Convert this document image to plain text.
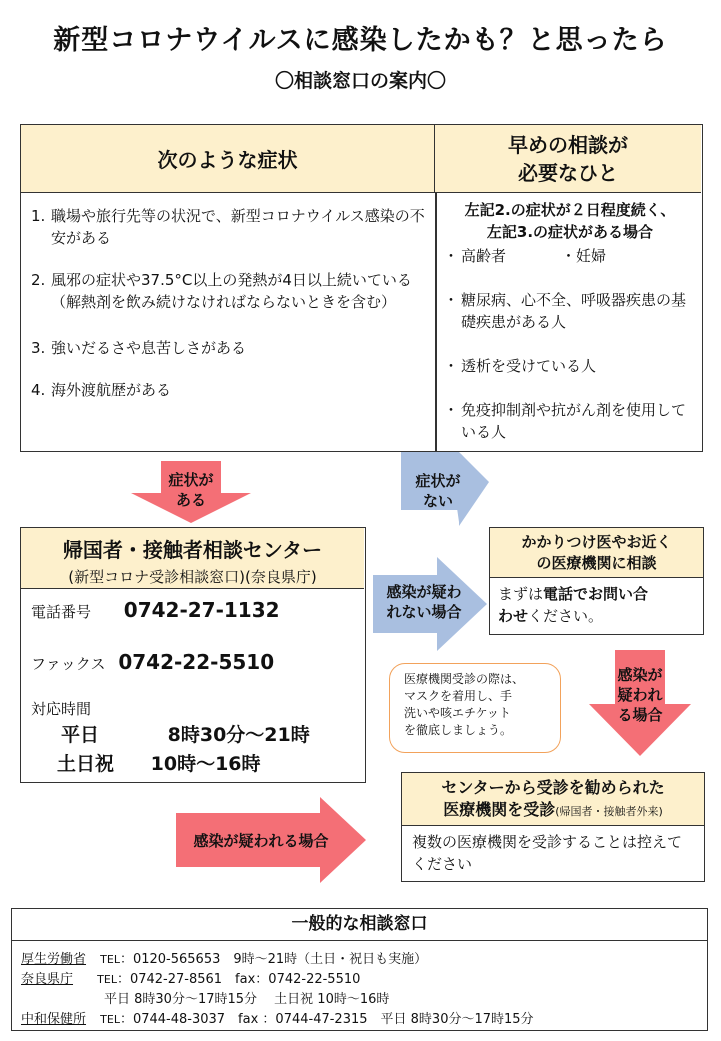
新型コロナウイルスに感染したかも？と思ったら
〇相談窓口の案内〇
次のような症状
早めの相談が
必要なひと
1. 職場や旅行先等の状況で、新型コロナウイルス感染の不安がある
2. 風邪の症状や37.5°C以上の発熱が4日以上続いている（解熱剤を飲み続けなければならないときを含む）
3. 強いだるさや息苦しさがある
4. 海外渡航歴がある
左記2.の症状が２日程度続く、
左記3.の症状がある場合
・ 高齢者	・妊婦
・ 糖尿病、心不全、呼吸器疾患の基礎疾患がある人
・ 透析を受けている人
・ 免疫抑制剤や抗がん剤を使用している人
症状が
ある
症状が
ない
感染が疑わ
れない場合
感染が
疑われ
る場合
感染が疑われる場合
帰国者・接触者相談センター
(新型コロナ受診相談窓口)(奈良県庁)
電話番号 0742-27-1132
ファックス 0742-22-5510
対応時間
平日	8時30分～21時
土日祝 10時～16時
かかりつけ医やお近く
の医療機関に相談
まずは電話でお問い合
わせください。
医療機関受診の際は、
マスクを着用し、手
洗いや咳エチケット
を徹底しましょう。
センターから受診を勧められた
医療機関を受診(帰国者・接触者外来)
複数の医療機関を受診することは控えてください
一般的な相談窓口
厚生労働省 TEL：0120-565653　9時～21時（土日・祝日も実施）
奈良県庁 TEL：0742-27-8561　fax：0742-22-5510
平日 8時30分～17時15分　 土日祝 10時～16時
中和保健所 TEL：0744-48-3037　fax ：0744-47-2315　平日 8時30分～17時15分
